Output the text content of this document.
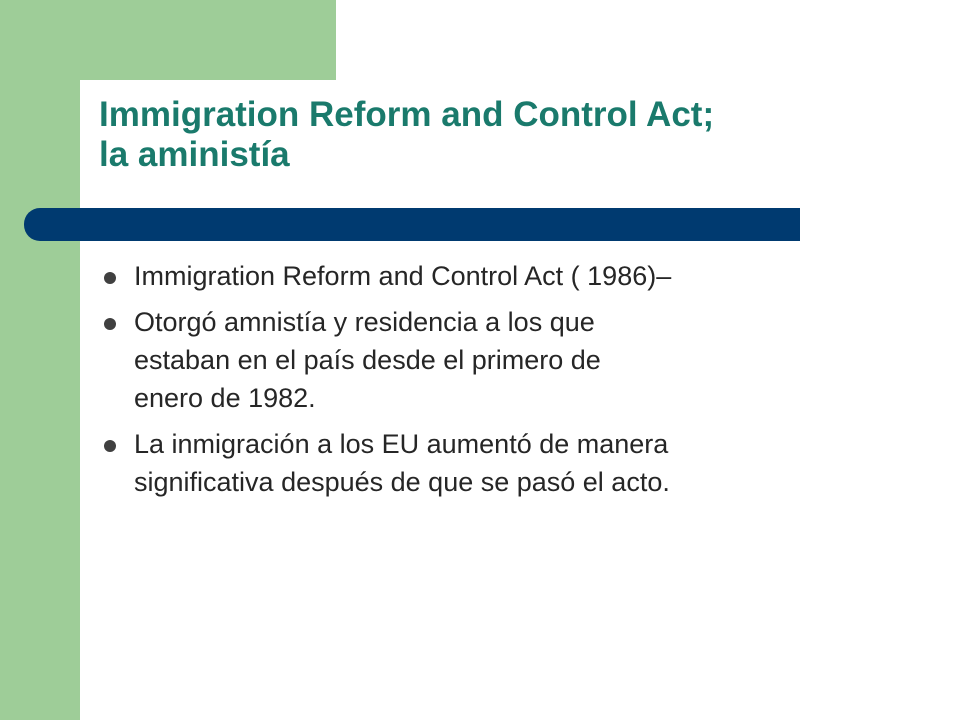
Immigration Reform and Control Act;
la aministía
Immigration Reform and Control Act ( 1986)–
Otorgó amnistía y residencia a los que
estaban en el país desde el primero de
enero de 1982.
La inmigración a los EU aumentó de manera
significativa después de que se pasó el acto.
